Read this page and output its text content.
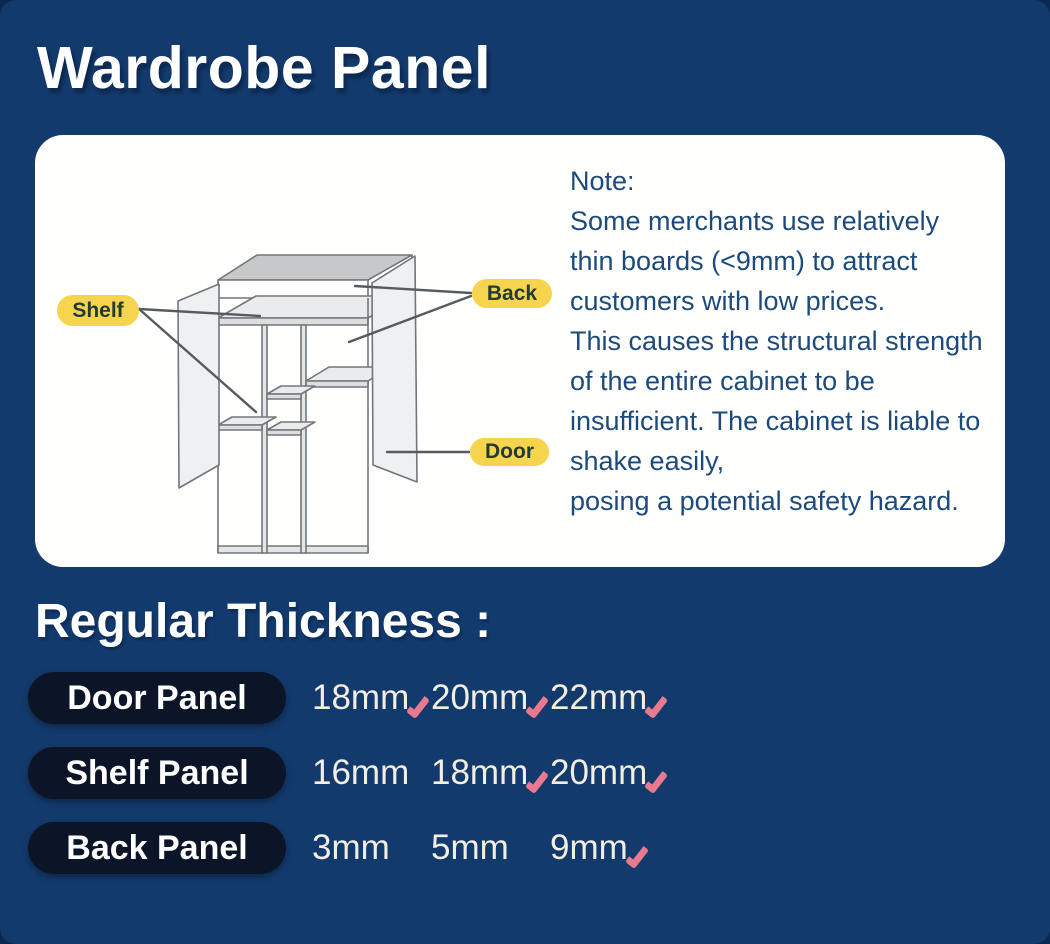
Wardrobe Panel
Shelf
Back
Door
Note:
Some merchants use relatively
thin boards (<9mm) to attract
customers with low prices.
This causes the structural strength
of the entire cabinet to be
insufficient. The cabinet is liable to
shake easily,
posing a potential safety hazard.
Regular Thickness :
Door Panel	18mm 20mm 22mm
Shelf Panel	16mm 18mm 20mm
Back Panel	3mm	5mm	9mm
